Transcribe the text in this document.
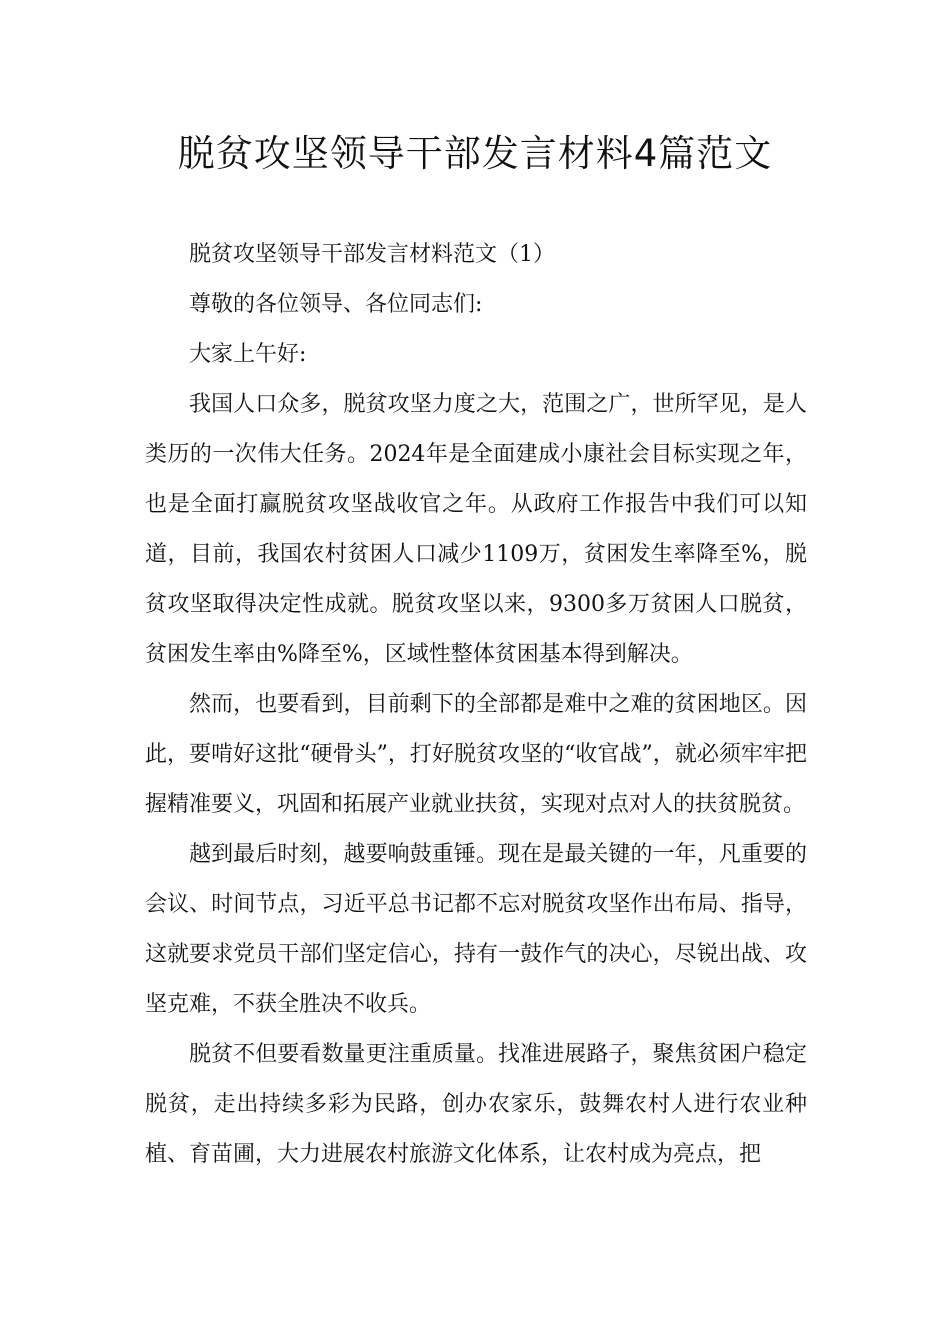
脱贫攻坚领导干部发言材料4篇范文

脱贫攻坚领导干部发言材料范文（1）

尊敬的各位领导、各位同志们:

大家上午好:

我国人口众多，脱贫攻坚力度之大，范围之广，世所罕见，是人类历的一次伟大任务。2024年是全面建成小康社会目标实现之年，也是全面打赢脱贫攻坚战收官之年。从政府工作报告中我们可以知道，目前，我国农村贫困人口减少1109万，贫困发生率降至%，脱贫攻坚取得决定性成就。脱贫攻坚以来，9300多万贫困人口脱贫，贫困发生率由%降至%，区域性整体贫困基本得到解决。

然而，也要看到，目前剩下的全部都是难中之难的贫困地区。因此，要啃好这批“硬骨头”，打好脱贫攻坚的“收官战”，就必须牢牢把握精准要义，巩固和拓展产业就业扶贫，实现对点对人的扶贫脱贫。

越到最后时刻，越要响鼓重锤。现在是最关键的一年，凡重要的会议、时间节点，习近平总书记都不忘对脱贫攻坚作出布局、指导，这就要求党员干部们坚定信心，持有一鼓作气的决心，尽锐出战、攻坚克难，不获全胜决不收兵。

脱贫不但要看数量更注重质量。找准进展路子，聚焦贫困户稳定脱贫，走出持续多彩为民路，创办农家乐，鼓舞农村人进行农业种植、育苗圃，大力进展农村旅游文化体系，让农村成为亮点，把
